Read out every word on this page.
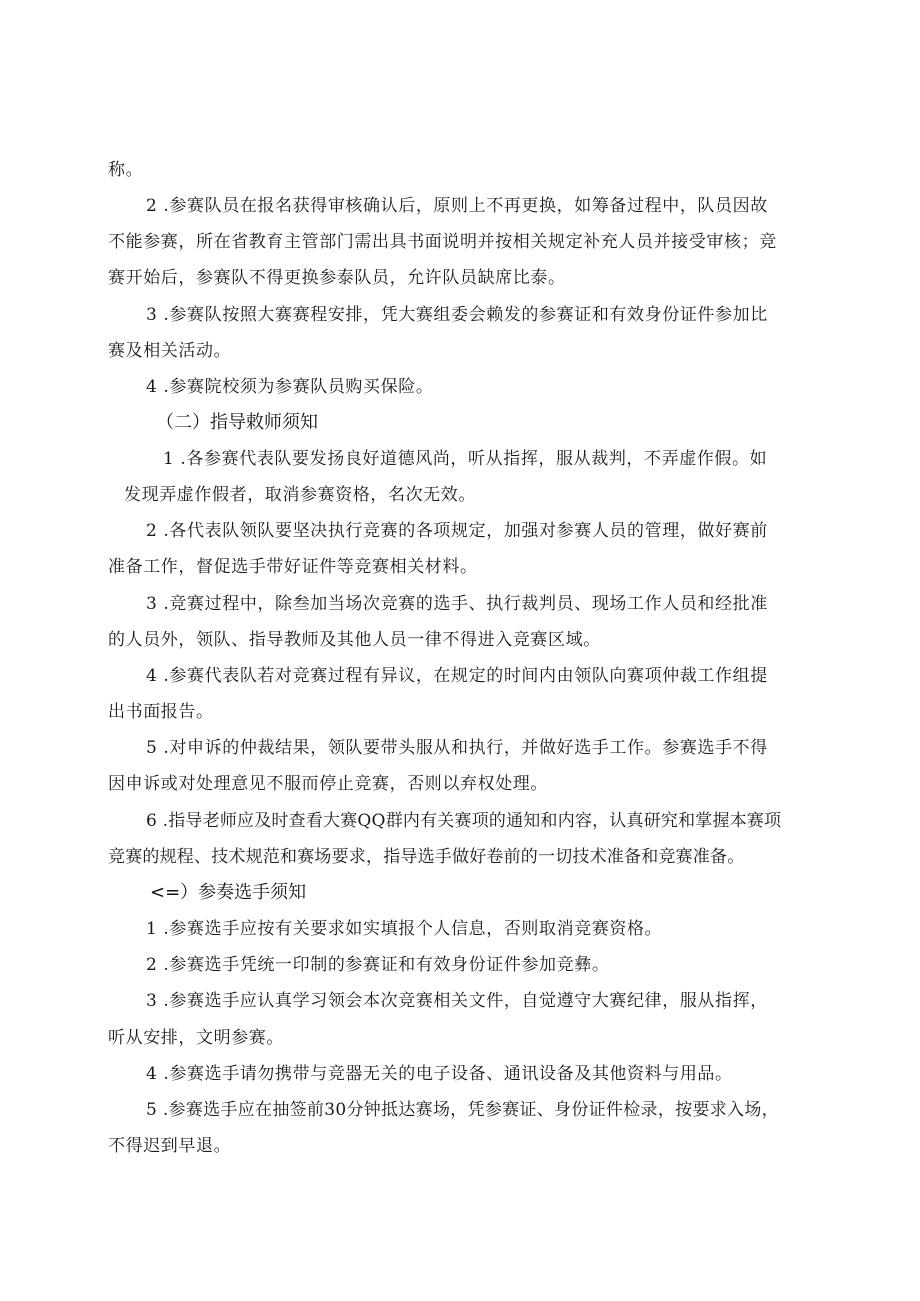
称。
2 .参赛队员在报名获得审核确认后，原则上不再更换，如筹备过程中，队员因故
不能参赛，所在省教育主管部门需出具书面说明并按相关规定补充人员并接受审核；竞
赛开始后，参赛队不得更换参泰队员，允许队员缺席比泰。
3 .参赛队按照大赛赛程安排，凭大赛组委会赖发的参赛证和有效身份证件参加比
赛及相关活动。
4 .参赛院校须为参赛队员购买保险。
（二）指导敕师须知
1 .各参赛代表队要发扬良好道德风尚，听从指挥，服从裁判，不弄虚作假。如
发现弄虚作假者，取消参赛资格，名次无效。
2 .各代表队领队要坚决执行竞赛的各项规定，加强对参赛人员的管理，做好赛前
准备工作，督促选手带好证件等竞赛相关材料。
3 .竞赛过程中，除叁加当场次竞赛的选手、执行裁判员、现场工作人员和经批准
的人员外，领队、指导教师及其他人员一律不得进入竞赛区域。
4 .参赛代表队若对竞赛过程有异议，在规定的时间内由领队向赛项仲裁工作组提
出书面报告。
5 .对申诉的仲裁结果，领队要带头服从和执行，并做好选手工作。参赛选手不得
因申诉或对处理意见不服而停止竞赛，否则以弃权处理。
6 .指导老师应及时查看大赛QQ群内有关赛项的通知和内容，认真研究和掌握本赛项
竞赛的规程、技术规范和赛场要求，指导选手做好卷前的一切技术准备和竞赛准备。
<=）参奏选手须知
1 .参赛选手应按有关要求如实填报个人信息，否则取消竞赛资格。
2 .参赛选手凭统一印制的参赛证和有效身份证件参加竞彝。
3 .参赛选手应认真学习领会本次竞赛相关文件，自觉遵守大赛纪律，服从指挥，
听从安排，文明参赛。
4 .参赛选手请勿携带与竞器无关的电子设备、通讯设备及其他资料与用品。
5 .参赛选手应在抽签前30分钟抵达赛场，凭参赛证、身份证件检录，按要求入场，
不得迟到早退。
